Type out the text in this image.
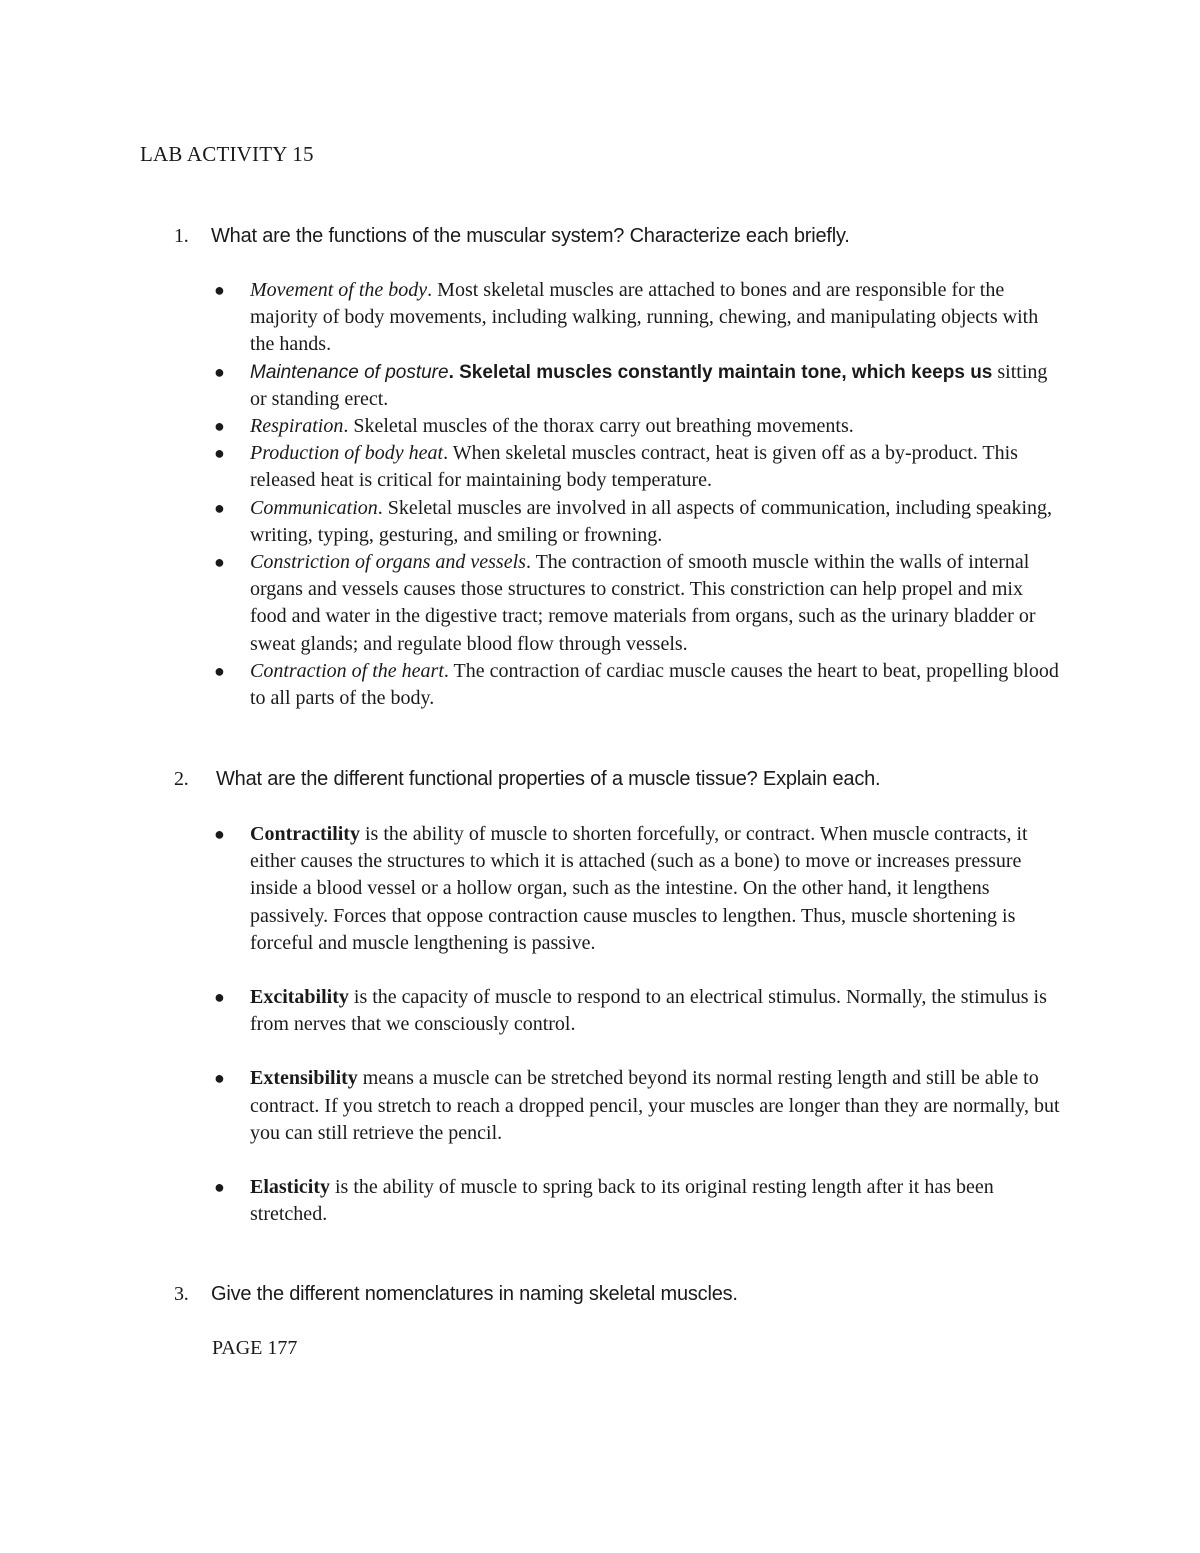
LAB ACTIVITY 15
1. What are the functions of the muscular system? Characterize each briefly.
● Movement of the body. Most skeletal muscles are attached to bones and are responsible for the majority of body movements, including walking, running, chewing, and manipulating objects with the hands.
● Maintenance of posture. Skeletal muscles constantly maintain tone, which keeps us sitting or standing erect.
● Respiration. Skeletal muscles of the thorax carry out breathing movements.
● Production of body heat. When skeletal muscles contract, heat is given off as a by-product. This released heat is critical for maintaining body temperature.
● Communication. Skeletal muscles are involved in all aspects of communication, including speaking, writing, typing, gesturing, and smiling or frowning.
● Constriction of organs and vessels. The contraction of smooth muscle within the walls of internal organs and vessels causes those structures to constrict. This constriction can help propel and mix food and water in the digestive tract; remove materials from organs, such as the urinary bladder or sweat glands; and regulate blood flow through vessels.
● Contraction of the heart. The contraction of cardiac muscle causes the heart to beat, propelling blood to all parts of the body.
2. What are the different functional properties of a muscle tissue? Explain each.
● Contractility is the ability of muscle to shorten forcefully, or contract. When muscle contracts, it either causes the structures to which it is attached (such as a bone) to move or increases pressure inside a blood vessel or a hollow organ, such as the intestine. On the other hand, it lengthens passively. Forces that oppose contraction cause muscles to lengthen. Thus, muscle shortening is forceful and muscle lengthening is passive.
● Excitability is the capacity of muscle to respond to an electrical stimulus. Normally, the stimulus is from nerves that we consciously control.
● Extensibility means a muscle can be stretched beyond its normal resting length and still be able to contract. If you stretch to reach a dropped pencil, your muscles are longer than they are normally, but you can still retrieve the pencil.
● Elasticity is the ability of muscle to spring back to its original resting length after it has been stretched.
3. Give the different nomenclatures in naming skeletal muscles.
PAGE 177
